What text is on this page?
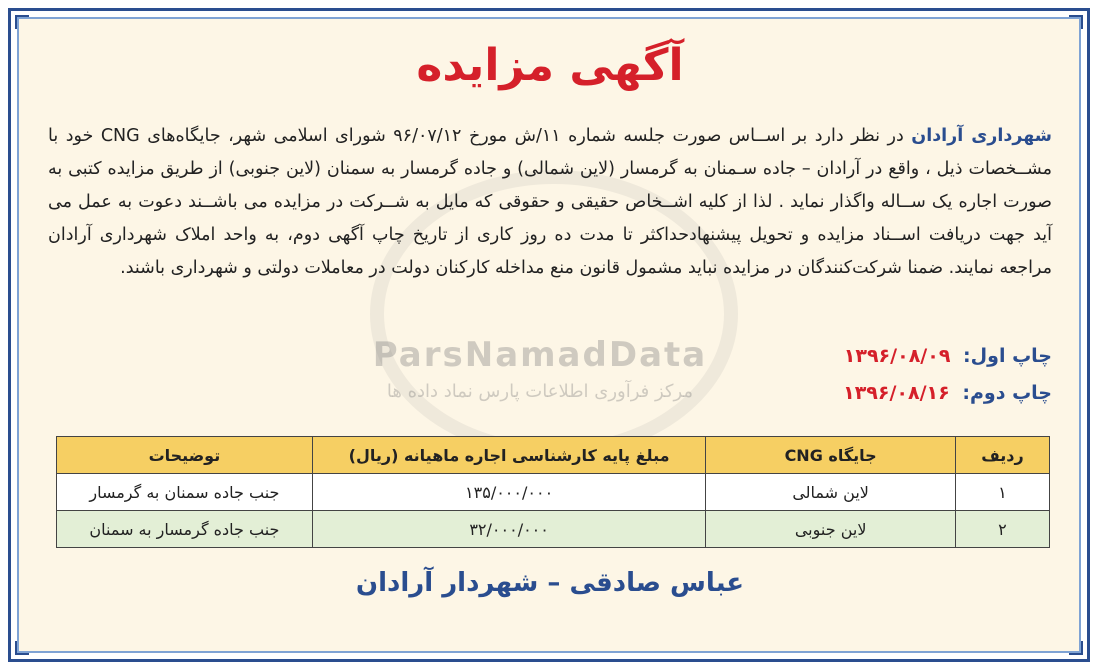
ParsNamadData
مرکز فرآوری اطلاعات پارس نماد داده ها
آگهی مزایده
شهرداری آرادان در نظر دارد بر اســاس صورت جلسه شماره ۱۱/ش مورخ ۹۶/۰۷/۱۲ شورای اسلامی شهر، جایگاه‌های CNG خود با مشــخصات ذیل ، واقع در آرادان – جاده سـمنان به گرمسار (لاین شمالی) و جاده گرمسار به سمنان (لاین جنوبی) از طریق مزایده کتبی به صورت اجاره یک ســاله واگذار نماید . لذا از کلیه اشــخاص حقیقی و حقوقی که مایل به شــرکت در مزایده می باشــند دعوت به عمل می آید جهت دریافت اســناد مزایده و تحویل پیشنهادحداکثر تا مدت ده روز کاری از تاریخ چاپ آگهی دوم، به واحد املاک شهرداری آرادان مراجعه نمایند. ضمنا شرکت‌کنندگان در مزایده نباید مشمول قانون منع مداخله کارکنان دولت در معاملات دولتی و شهرداری باشند.
چاپ اول: ۱۳۹۶/۰۸/۰۹
چاپ دوم: ۱۳۹۶/۰۸/۱۶
ردیف	جایگاه CNG	مبلغ پایه کارشناسی اجاره ماهیانه (ریال)	توضیحات
۱	لاین شمالی	۱۳۵/۰۰۰/۰۰۰	جنب جاده سمنان به گرمسار
۲	لاین جنوبی	۳۲/۰۰۰/۰۰۰	جنب جاده گرمسار به سمنان
عباس صادقی – شهردار آرادان
